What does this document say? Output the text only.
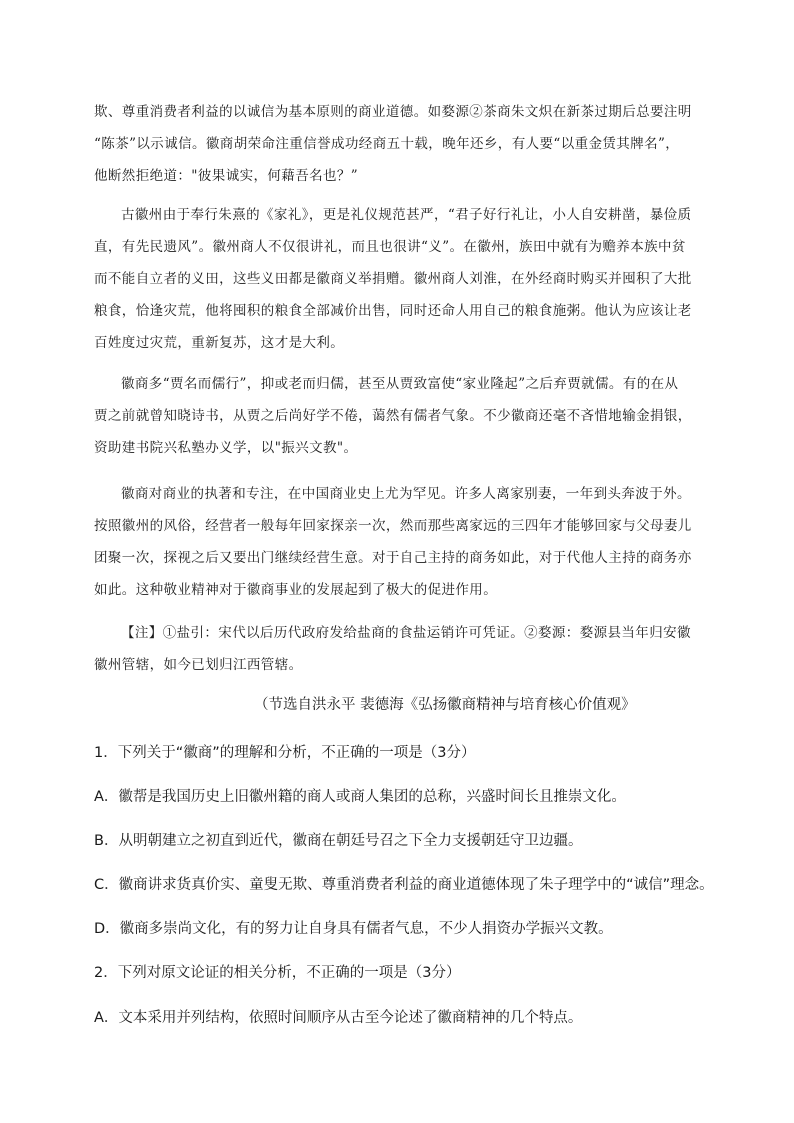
欺、尊重消费者利益的以诚信为基本原则的商业道德。如婺源②茶商朱文炽在新茶过期后总要注明
“陈茶”以示诚信。徽商胡荣命注重信誉成功经商五十载，晚年还乡，有人要“以重金赁其牌名”，
他断然拒绝道："彼果诚实，何藉吾名也？”
古徽州由于奉行朱熹的《家礼》，更是礼仪规范甚严，“君子好行礼让，小人自安耕凿，暴俭质
直，有先民遗风”。徽州商人不仅很讲礼，而且也很讲“义”。在徽州，族田中就有为赡养本族中贫
而不能自立者的义田，这些义田都是徽商义举捐赠。徽州商人刘淮，在外经商时购买并囤积了大批
粮食，恰逢灾荒，他将囤积的粮食全部减价出售，同时还命人用自己的粮食施粥。他认为应该让老
百姓度过灾荒，重新复苏，这才是大利。
徽商多“贾名而儒行”，抑或老而归儒，甚至从贾致富使“家业隆起”之后弃贾就儒。有的在从
贾之前就曾知晓诗书，从贾之后尚好学不倦，蔼然有儒者气象。不少徽商还毫不吝惜地输金捐银，
资助建书院兴私塾办义学，以"振兴文教"。
徽商对商业的执著和专注，在中国商业史上尤为罕见。许多人离家别妻，一年到头奔波于外。
按照徽州的风俗，经营者一般每年回家探亲一次，然而那些离家远的三四年才能够回家与父母妻儿
团聚一次，探视之后又要出门继续经营生意。对于自己主持的商务如此，对于代他人主持的商务亦
如此。这种敬业精神对于徽商事业的发展起到了极大的促进作用。
【注】①盐引：宋代以后历代政府发给盐商的食盐运销许可凭证。②婺源：婺源县当年归安徽
徽州管辖，如今已划归江西管辖。

（节选自洪永平 裴德海《弘扬徽商精神与培育核心价值观》

1．下列关于“徽商”的理解和分析，不正确的一项是（3分）

A．徽帮是我国历史上旧徽州籍的商人或商人集团的总称，兴盛时间长且推崇文化。

B．从明朝建立之初直到近代，徽商在朝廷号召之下全力支援朝廷守卫边疆。

C．徽商讲求货真价实、童叟无欺、尊重消费者利益的商业道德体现了朱子理学中的“诚信”理念。

D．徽商多崇尚文化，有的努力让自身具有儒者气息，不少人捐资办学振兴文教。

2．下列对原文论证的相关分析，不正确的一项是（3分）

A．文本采用并列结构，依照时间顺序从古至今论述了徽商精神的几个特点。
